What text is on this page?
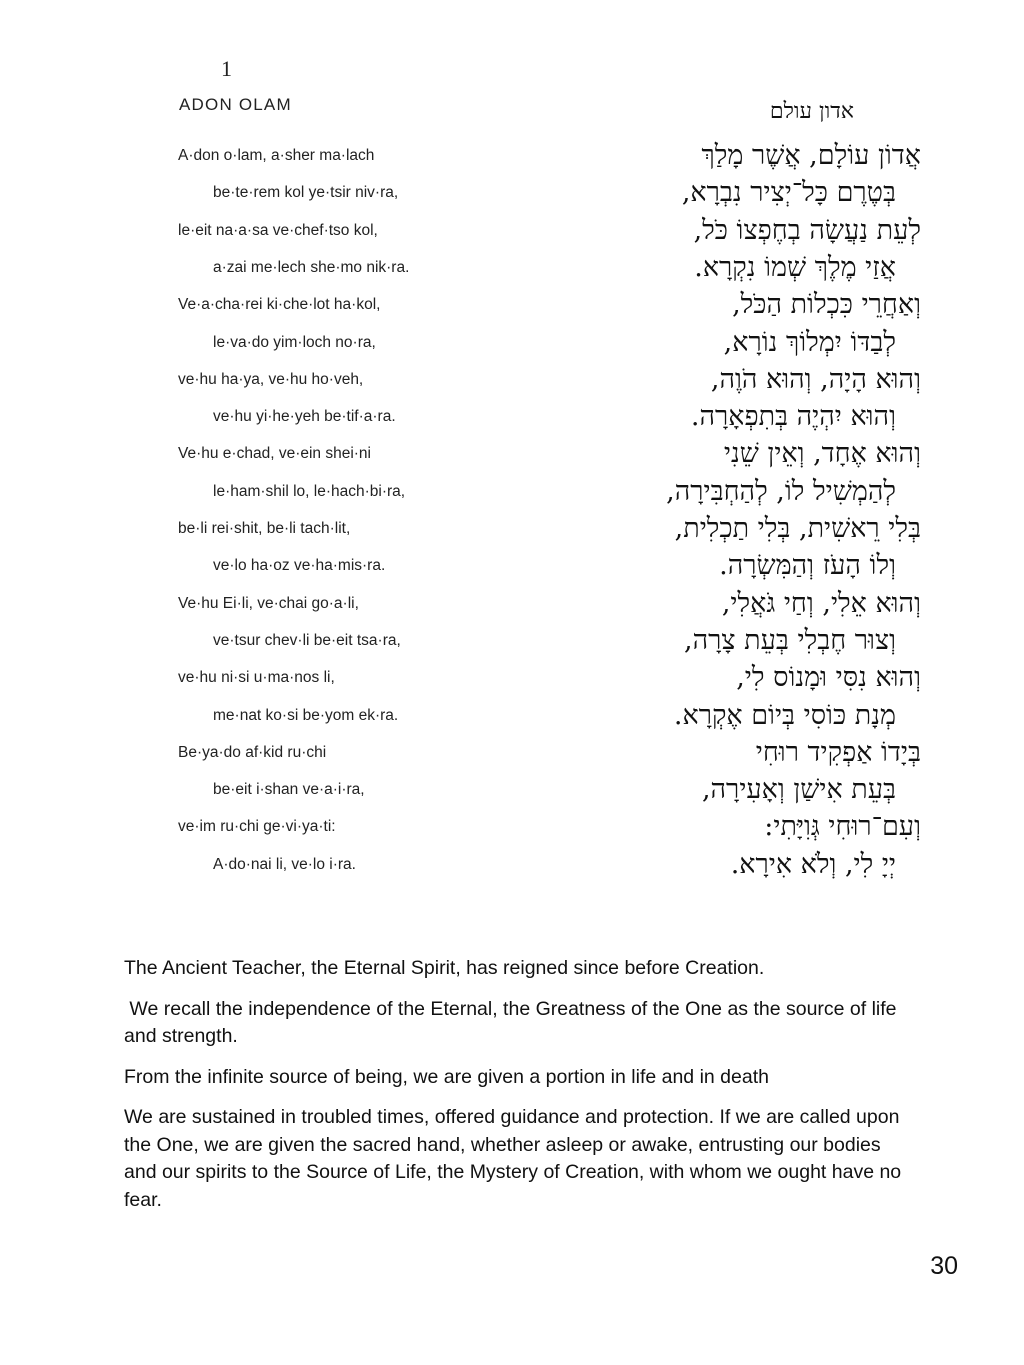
1
ADON OLAM	אדון עולם
A·don o·lam, a·sher ma·lach
be·te·rem kol ye·tsir niv·ra,
le·eit na·a·sa ve·chef·tso kol,
a·zai me·lech she·mo nik·ra.
Ve·a·cha·rei ki·che·lot ha·kol,
le·va·do yim·loch no·ra,
ve·hu ha·ya, ve·hu ho·veh,
ve·hu yi·he·yeh be·tif·a·ra.
Ve·hu e·chad, ve·ein shei·ni
le·ham·shil lo, le·hach·bi·ra,
be·li rei·shit, be·li tach·lit,
ve·lo ha·oz ve·ha·mis·ra.
Ve·hu Ei·li, ve·chai go·a·li,
ve·tsur chev·li be·eit tsa·ra,
ve·hu ni·si u·ma·nos li,
me·nat ko·si be·yom ek·ra.
Be·ya·do af·kid ru·chi
be·eit i·shan ve·a·i·ra,
ve·im ru·chi ge·vi·ya·ti:
A·do·nai li, ve·lo i·ra.
אֲדוֹן עוֹלָם, אֲשֶׁר מָלַךְ
בְּטֶרֶם כָּל־יְצִיר נִבְרָא,
לְעֵת נַעֲשָׂה בְחֶפְצוֹ כֹּל,
אֲזַי מֶלֶךְ שְׁמוֹ נִקְרָא.
וְאַחֲרֵי כִּכְלוֹת הַכֹּל,
לְבַדּוֹ יִמְלוֹךְ נוֹרָא,
וְהוּא הָיָה, וְהוּא הֹוֶה,
וְהוּא יִהְיֶה בְּתִפְאָרָה.
וְהוּא אֶחָד, וְאֵין שֵׁנִי
לְהַמְשִׁיל לוֹ, לְהַחְבִּירָה,
בְּלִי רֵאשִׁית, בְּלִי תַכְלִית,
וְלוֹ הָעֹז וְהַמִּשְׂרָה.
וְהוּא אֵלִי, וְחַי גֹּאֲלִי,
וְצוּר חֶבְלִי בְּעֵת צָרָה,
וְהוּא נִסִּי וּמָנוֹס לִי,
מְנָת כּוֹסִי בְּיוֹם אֶקְרָא.
בְּיָדוֹ אַפְקִיד רוּחִי
בְּעֵת אִישַׁן וְאָעִירָה,
וְעִם־רוּחִי גְּוִיָּתִי:
יְיָ לִי, וְלֹא אִירָא.

The Ancient Teacher, the Eternal Spirit, has reigned since before Creation.

We recall the independence of the Eternal, the Greatness of the One as the source of life and strength.

From the infinite source of being, we are given a portion in life and in death

We are sustained in troubled times, offered guidance and protection. If we are called upon the One, we are given the sacred hand, whether asleep or awake, entrusting our bodies and our spirits to the Source of Life, the Mystery of Creation, with whom we ought have no fear.

30
